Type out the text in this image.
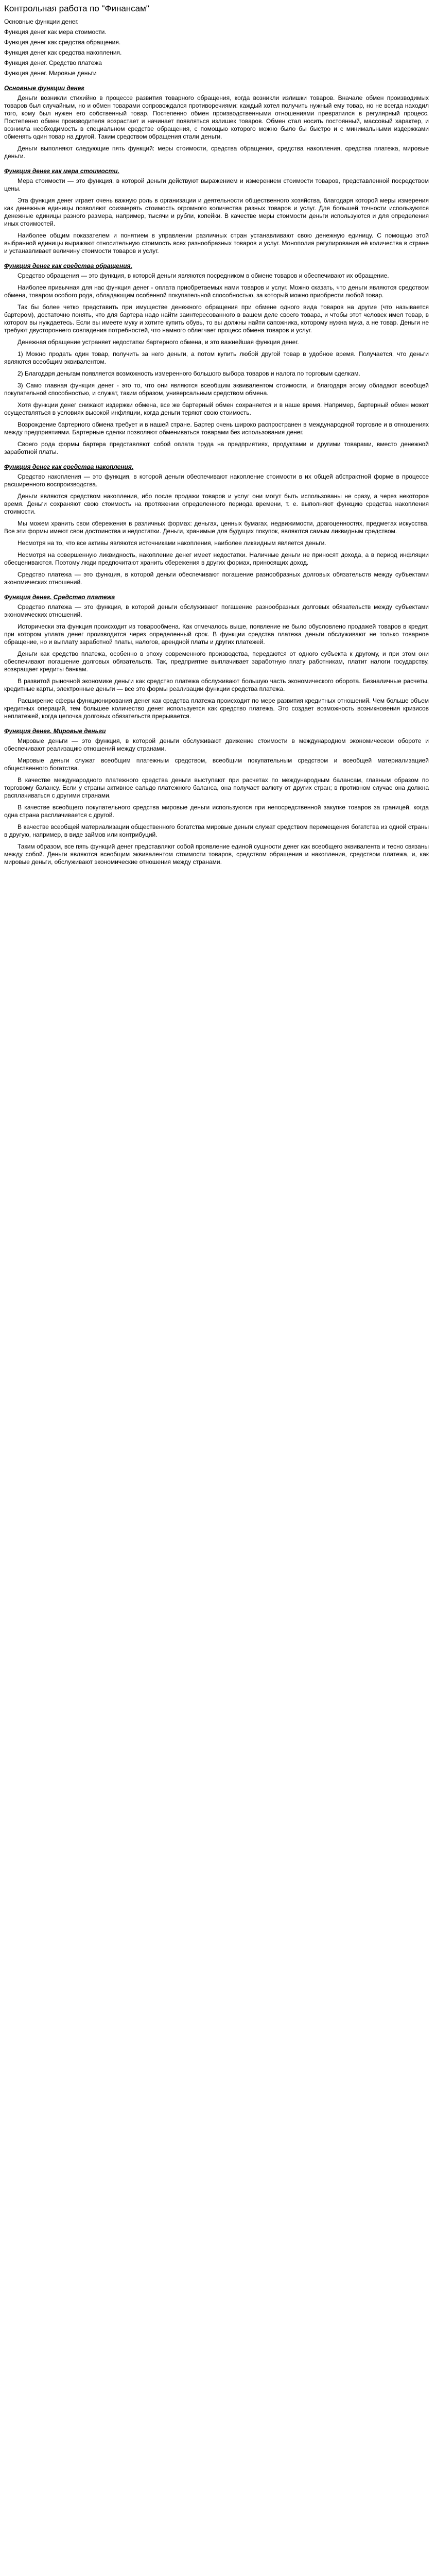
Контрольная работа по "Финансам"
Основные функции денег.
Функция денег как мера стоимости.
Функция денег как средства обращения.
Функция денег как средства накопления.
Функция денег. Средство платежа
Функция денег. Мировые деньги
Основные функции денег

Деньги возникли стихийно в процессе развития товарного обращения, когда возникли излишки товаров. Вначале обмен производимых товаров был случайным, но и обмен товарами сопровождался противоречиями: каждый хотел получить нужный ему товар, но не всегда находил того, кому был нужен его собственный товар. Постепенно обмен производственными отношениями превратился в регулярный процесс. Постепенно обмен производителя возрастает и начинает появляться излишек товаров. Обмен стал носить постоянный, массовый характер, и возникла необходимость в специальном средстве обращения, с помощью которого можно было бы быстро и с минимальными издержками обменять один товар на другой. Таким средством обращения стали деньги.

Деньги выполняют следующие пять функций: меры стоимости, средства обращения, средства накопления, средства платежа, мировые деньги.

Функция денег как мера стоимости.

Мера стоимости — это функция, в которой деньги действуют выражением и измерением стоимости товаров, представленной посредством цены.

Эта функция денег играет очень важную роль в организации и деятельности общественного хозяйства, благодаря которой меры измерения как денежные единицы позволяют соизмерять стоимость огромного количества разных товаров и услуг. Для большей точности используются денежные единицы разного размера, например, тысячи и рубли, копейки. В качестве меры стоимости деньги используются и для определения иных стоимостей.

Наиболее общим показателем и понятием в управлении различных стран устанавливают свою денежную единицу. С помощью этой выбранной единицы выражают относительную стоимость всех разнообразных товаров и услуг. Монополия регулирования её количества в стране и устанавливает величину стоимости товаров и услуг.

Функция денег как средства обращения.

Средство обращения — это функция, в которой деньги являются посредником в обмене товаров и обеспечивают их обращение.

Наиболее привычная для нас функция денег - оплата приобретаемых нами товаров и услуг. Можно сказать, что деньги являются средством обмена, товаром особого рода, обладающим особенной покупательной способностью, за который можно приобрести любой товар.

Так бы более четко представить при имуществе денежного обращения при обмене одного вида товаров на другие (что называется бартером), достаточно понять, что для бартера надо найти заинтересованного в вашем деле своего товара, и чтобы этот человек имел товар, в котором вы нуждаетесь. Если вы имеете муку и хотите купить обувь, то вы должны найти сапожника, которому нужна мука, а не товар. Деньги не требуют двустороннего совпадения потребностей, что намного облегчает процесс обмена товаров и услуг.

Денежная обращение устраняет недостатки бартерного обмена, и это важнейшая функция денег.

1) Можно продать один товар, получить за него деньги, а потом купить любой другой товар в удобное время. Получается, что деньги являются всеобщим эквивалентом.

2) Благодаря деньгам появляется возможность измеренного большого выбора товаров и налога по торговым сделкам.

3) Само главная функция денег - это то, что они являются всеобщим эквивалентом стоимости, и благодаря этому обладают всеобщей покупательной способностью, и служат, таким образом, универсальным средством обмена.

Хотя функции денег снижают издержки обмена, все же бартерный обмен сохраняется и в наше время. Например, бартерный обмен может осуществляться в условиях высокой инфляции, когда деньги теряют свою стоимость.

Возрождение бартерного обмена требует и в нашей стране. Бартер очень широко распространен в международной торговле и в отношениях между предприятиями. Бартерные сделки позволяют обмениваться товарами без использования денег.

Своего рода формы бартера представляют собой оплата труда на предприятиях, продуктами и другими товарами, вместо денежной заработной платы.

Функция денег как средства накопления.

Средство накопления — это функция, в которой деньги обеспечивают накопление стоимости в их общей абстрактной форме в процессе расширенного воспроизводства.

Деньги являются средством накопления, ибо после продажи товаров и услуг они могут быть использованы не сразу, а через некоторое время. Деньги сохраняют свою стоимость на протяжении определенного периода времени, т. е. выполняют функцию средства накопления стоимости.

Мы можем хранить свои сбережения в различных формах: деньгах, ценных бумагах, недвижимости, драгоценностях, предметах искусства. Все эти формы имеют свои достоинства и недостатки. Деньги, хранимые для будущих покупок, являются самым ликвидным средством.

Несмотря на то, что все активы являются источниками накопления, наиболее ликвидным является деньги.

Несмотря на совершенную ликвидность, накопление денег имеет недостатки. Наличные деньги не приносят дохода, а в период инфляции обесцениваются. Поэтому люди предпочитают хранить сбережения в других формах, приносящих доход.

Средство платежа — это функция, в которой деньги обеспечивают погашение разнообразных долговых обязательств между субъектами экономических отношений.

Функция денег. Средство платежа

Средство платежа — это функция, в которой деньги обслуживают погашение разнообразных долговых обязательств между субъектами экономических отношений.

Исторически эта функция происходит из товарообмена. Как отмечалось выше, появление не было обусловлено продажей товаров в кредит, при котором уплата денег производится через определенный срок. В функции средства платежа деньги обслуживают не только товарное обращение, но и выплату заработной платы, налогов, арендной платы и других платежей.

Деньги как средство платежа, особенно в эпоху современного производства, передаются от одного субъекта к другому, и при этом они обеспечивают погашение долговых обязательств. Так, предприятие выплачивает заработную плату работникам, платит налоги государству, возвращает кредиты банкам.

В развитой рыночной экономике деньги как средство платежа обслуживают большую часть экономического оборота. Безналичные расчеты, кредитные карты, электронные деньги — все это формы реализации функции средства платежа.

Расширение сферы функционирования денег как средства платежа происходит по мере развития кредитных отношений. Чем больше объем кредитных операций, тем большее количество денег используется как средство платежа. Это создает возможность возникновения кризисов неплатежей, когда цепочка долговых обязательств прерывается.

Функция денег. Мировые деньги

Мировые деньги — это функция, в которой деньги обслуживают движение стоимости в международном экономическом обороте и обеспечивают реализацию отношений между странами.

Мировые деньги служат всеобщим платежным средством, всеобщим покупательным средством и всеобщей материализацией общественного богатства.

В качестве международного платежного средства деньги выступают при расчетах по международным балансам, главным образом по торговому балансу. Если у страны активное сальдо платежного баланса, она получает валюту от других стран; в противном случае она должна расплачиваться с другими странами.

В качестве всеобщего покупательного средства мировые деньги используются при непосредственной закупке товаров за границей, когда одна страна расплачивается с другой.

В качестве всеобщей материализации общественного богатства мировые деньги служат средством перемещения богатства из одной страны в другую, например, в виде займов или контрибуций.

Таким образом, все пять функций денег представляют собой проявление единой сущности денег как всеобщего эквивалента и тесно связаны между собой. Деньги являются всеобщим эквивалентом стоимости товаров, средством обращения и накопления, средством платежа, и, как мировые деньги, обслуживают экономические отношения между странами.
